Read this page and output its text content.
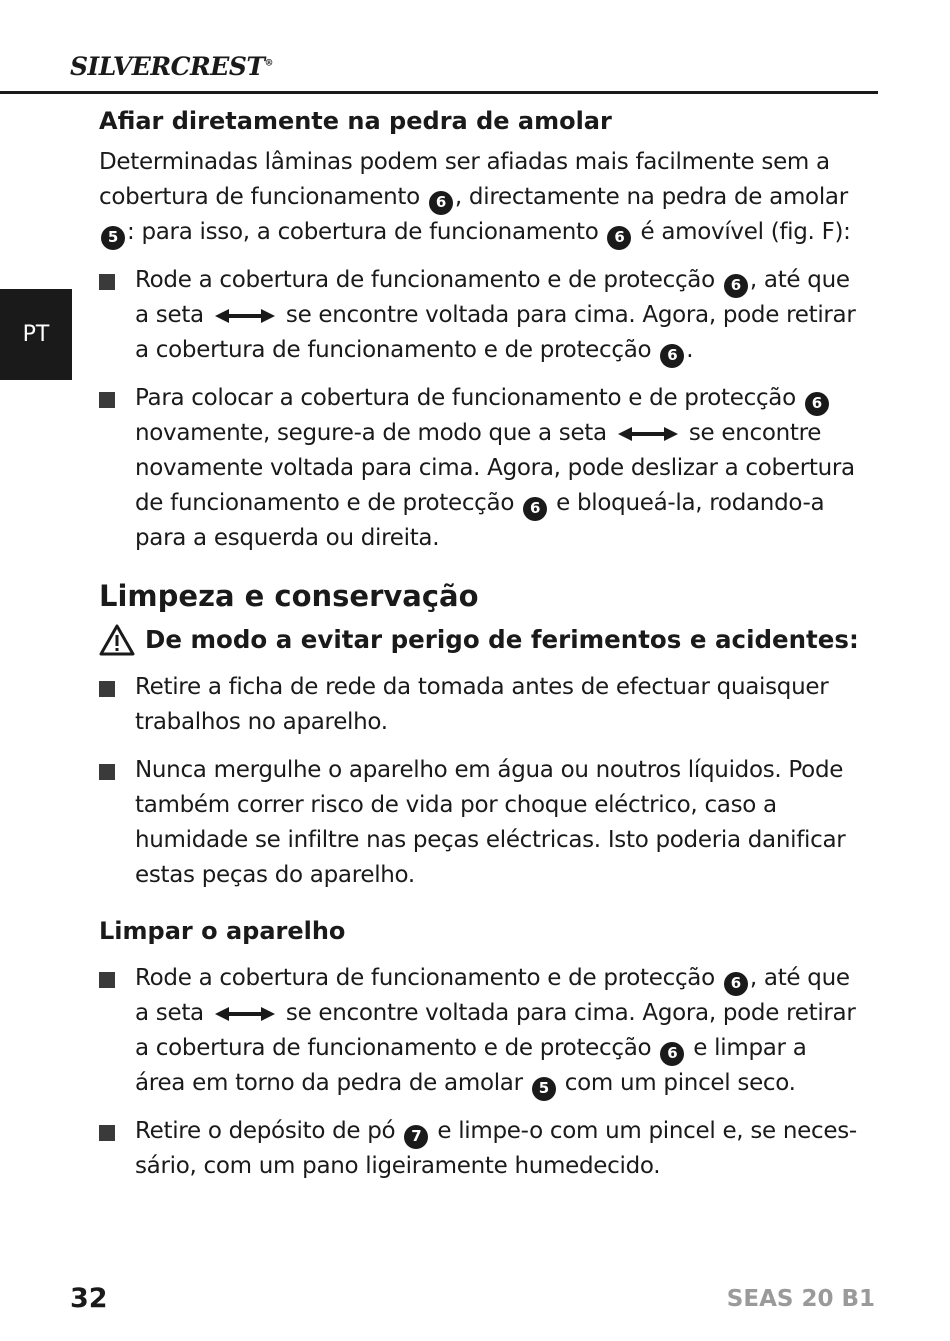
SILVERCREST®
PT
Afiar diretamente na pedra de amolar

Determinadas lâminas podem ser afiadas mais facilmente sem a cobertura de funcionamento 6 , directamente na pedra de amolar 5 : para isso, a cobertura de funcionamento 6 é amovível (fig. F):

Rode a cobertura de funcionamento e de protecção 6 , até que a seta	se encontre voltada para cima. Agora, pode retirar a cobertura de funcionamento e de protecção 6 .
Para colocar a cobertura de funcionamento e de protecção 6 novamente, segure-a de modo que a seta	se encontre novamente voltada para cima. Agora, pode deslizar a cobertura de funcionamento e de protecção 6 e bloqueá-la, rodando-a para a esquerda ou direita.
Limpeza e conservação
De modo a evitar perigo de ferimentos e acidentes:
Retire a ficha de rede da tomada antes de efectuar quaisquer trabalhos no aparelho.
Nunca mergulhe o aparelho em água ou noutros líquidos. Pode também correr risco de vida por choque eléctrico, caso a humidade se infiltre nas peças eléctricas. Isto poderia danificar estas peças do aparelho.
Limpar o aparelho
Rode a cobertura de funcionamento e de protecção 6 , até que a seta	se encontre voltada para cima. Agora, pode retirar a cobertura de funcionamento e de protecção 6 e limpar a área em torno da pedra de amolar 5 com um pincel seco.
Retire o depósito de pó 7 e limpe-o com um pincel e, se necessário, com um pano ligeiramente humedecido.
32	SEAS 20 B1
